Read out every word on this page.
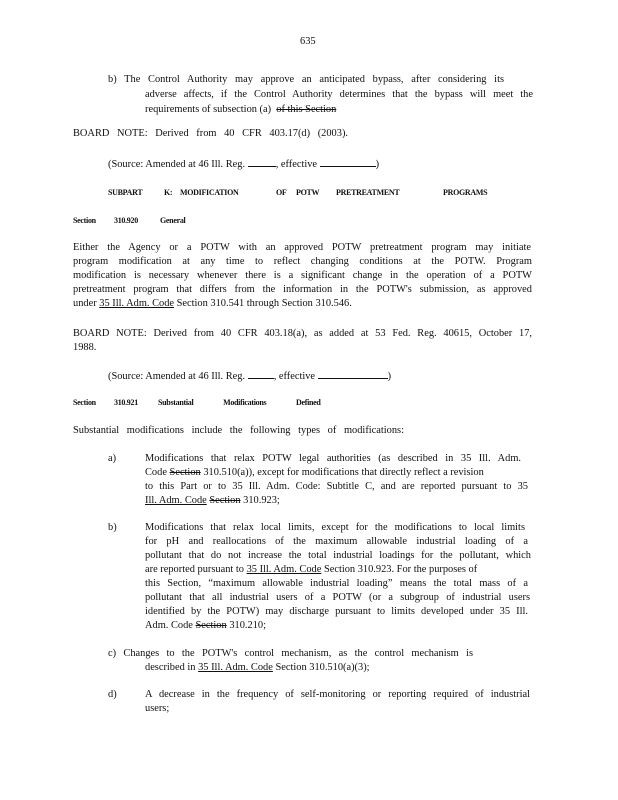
635
b) The Control Authority may approve an anticipated bypass, after considering its
adverse affects, if the Control Authority determines that the bypass will meet the
requirements of subsection (a) of this Section
BOARD NOTE: Derived from 40 CFR 403.17(d) (2003).
(Source: Amended at 46 Ill. Reg.	, effective	)
SUBPART	K: MODIFICATION	OF POTW PRETREATMENT	PROGRAMS
Section 310.920	General
Either the Agency or a POTW with an approved POTW pretreatment program may initiate
program modification at any time to reflect changing conditions at the POTW. Program
modification is necessary whenever there is a significant change in the operation of a POTW
pretreatment program that differs from the information in the POTW's submission, as approved
under 35 Ill. Adm. Code Section 310.541 through Section 310.546.
BOARD NOTE: Derived from 40 CFR 403.18(a), as added at 53 Fed. Reg. 40615, October 17,
1988.
(Source: Amended at 46 Ill. Reg.	, effective	)
Section 310.921	Substantial Modifications Defined
Substantial modifications include the following types of modifications:
a)	Modifications that relax POTW legal authorities (as described in 35 Ill. Adm.
Code Section 310.510(a)), except for modifications that directly reflect a revision
to this Part or to 35 Ill. Adm. Code: Subtitle C, and are reported pursuant to 35
Ill. Adm. Code Section 310.923;
b)	Modifications that relax local limits, except for the modifications to local limits
for pH and reallocations of the maximum allowable industrial loading of a
pollutant that do not increase the total industrial loadings for the pollutant, which
are reported pursuant to 35 Ill. Adm. Code Section 310.923. For the purposes of
this Section, “maximum allowable industrial loading” means the total mass of a
pollutant that all industrial users of a POTW (or a subgroup of industrial users
identified by the POTW) may discharge pursuant to limits developed under 35 Ill.
Adm. Code Section 310.210;
c) Changes to the POTW's control mechanism, as the control mechanism is
described in 35 Ill. Adm. Code Section 310.510(a)(3);
d)	A decrease in the frequency of self-monitoring or reporting required of industrial
users;
